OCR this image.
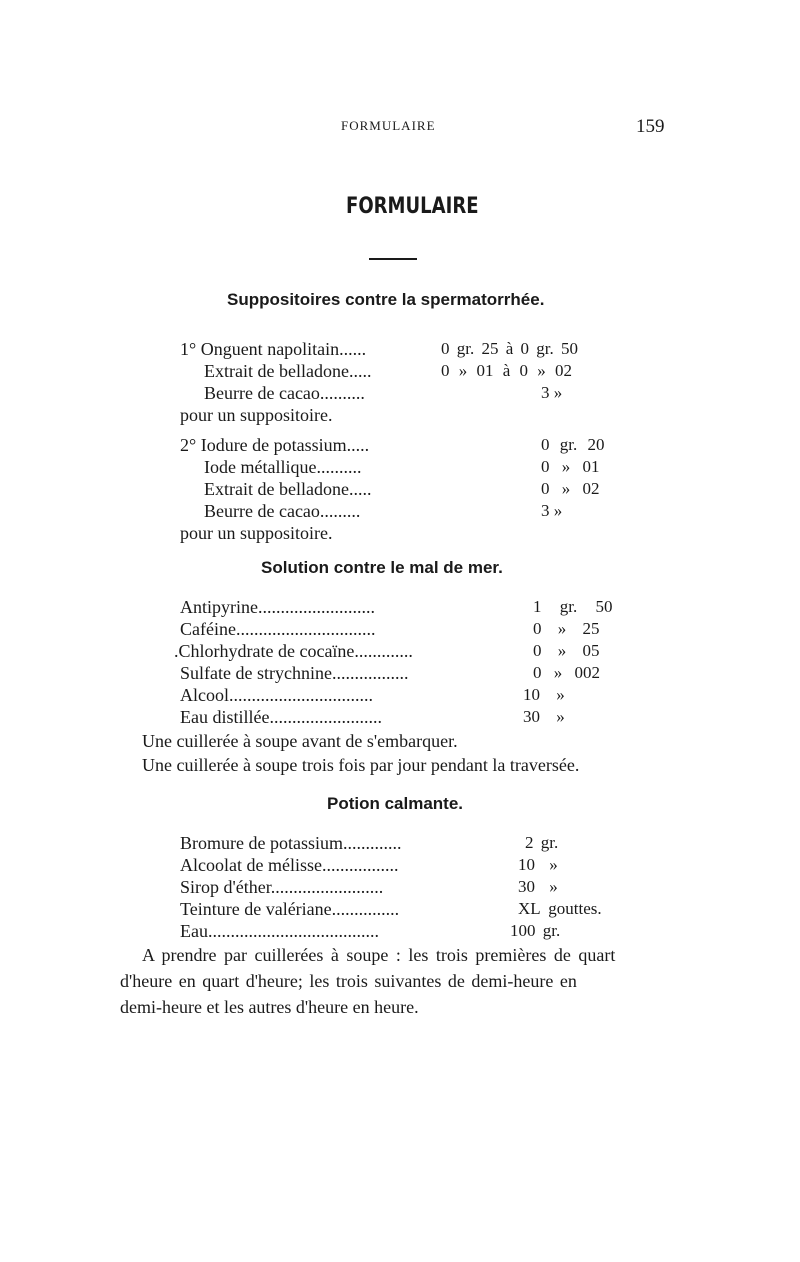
FORMULAIRE	159
FORMULAIRE
Suppositoires contre la spermatorrhée.
1° Onguent napolitain......	0 gr. 25 à 0 gr. 50
Extrait de belladone.....	0 » 01 à 0 » 02
Beurre de cacao..........	3 »
pour un suppositoire.
2° Iodure de potassium.....	0 gr. 20
Iode métallique..........	0 » 01
Extrait de belladone.....	0 » 02
Beurre de cacao.........	3 »
pour un suppositoire.
Solution contre le mal de mer.
Antipyrine..........................	1 gr. 50
Caféine...............................	0 » 25
.Chlorhydrate de cocaïne.............	0 » 05
Sulfate de strychnine.................	0 » 002
Alcool................................	10 »
Eau distillée.........................	30 »
Une cuillerée à soupe avant de s'embarquer.
Une cuillerée à soupe trois fois par jour pendant la traversée.
Potion calmante.
Bromure de potassium.............	2 gr.
Alcoolat de mélisse.................	10 »
Sirop d'éther.........................	30 »
Teinture de valériane...............	XL gouttes.
Eau......................................	100 gr.
A prendre par cuillerées à soupe : les trois premières de quart
d'heure en quart d'heure; les trois suivantes de demi-heure en
demi-heure et les autres d'heure en heure.
